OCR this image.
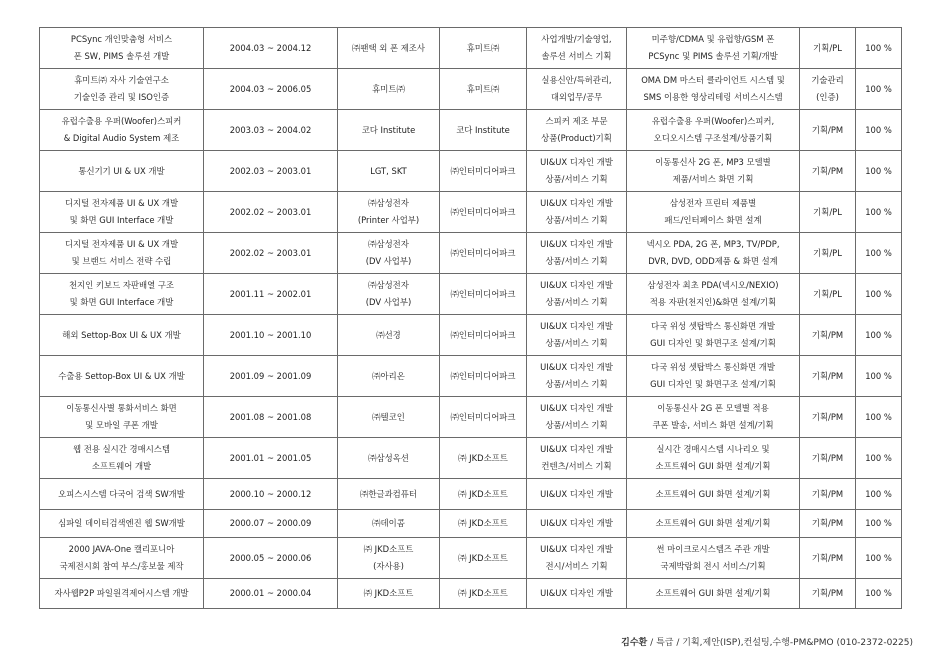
PCSync 개인맞춤형 서비스
폰 SW, PIMS 솔루션 개발	2004.03 ~ 2004.12	㈜팬택 외 폰 제조사	휴미트㈜	사업개발/기술영업,
솔루션 서비스 기획	미주향/CDMA 및 유럽향/GSM 폰
PCSync 및 PIMS 솔루션 기획/개발	기획/PL	100 %

휴미트㈜ 자사 기술연구소
기술인증 관리 및 ISO인증	2004.03 ~ 2006.05	휴미트㈜	휴미트㈜	실용신안/특허관리,
대외업무/공무	OMA DM 마스터 클라이언트 시스템 및
SMS 이용한 영상리테링 서비스시스템	기술관리
(인증)	100 %

유럽수출용 우퍼(Woofer)스피커
& Digital Audio System 제조	2003.03 ~ 2004.02	코다 Institute	코다 Institute	스피커 제조 부문
상품(Product)기획	유럽수출용 우퍼(Woofer)스피커,
오디오시스템 구조설계/상품기획	기획/PM	100 %

통신기기 UI & UX 개발	2002.03 ~ 2003.01	LGT, SKT	㈜인터미디어파크	UI&UX 디자인 개발
상품/서비스 기획	이동통신사 2G 폰, MP3 모델별
제품/서비스 화면 기획	기획/PM	100 %

디지털 전자제품 UI & UX 개발
및 화면 GUI Interface 개발	2002.02 ~ 2003.01	㈜삼성전자
(Printer 사업부)	㈜인터미디어파크	UI&UX 디자인 개발
상품/서비스 기획	삼성전자 프린터 제품별
패드/인터페이스 화면 설계	기획/PL	100 %

디지털 전자제품 UI & UX 개발
및 브랜드 서비스 전략 수립	2002.02 ~ 2003.01	㈜삼성전자
(DV 사업부)	㈜인터미디어파크	UI&UX 디자인 개발
상품/서비스 기획	넥시오 PDA, 2G 폰, MP3, TV/PDP,
DVR, DVD, ODD제품 & 화면 설계	기획/PL	100 %

천지인 키보드 자판배열 구조
및 화면 GUI Interface 개발	2001.11 ~ 2002.01	㈜삼성전자
(DV 사업부)	㈜인터미디어파크	UI&UX 디자인 개발
상품/서비스 기획	삼성전자 최초 PDA(넥시오/NEXIO)
적용 자판(천지인)&화면 설계/기획	기획/PL	100 %

해외 Settop-Box UI & UX 개발	2001.10 ~ 2001.10	㈜선경	㈜인터미디어파크	UI&UX 디자인 개발
상품/서비스 기획	다국 위성 셋탑박스 통신화면 개발
GUI 디자인 및 화면구조 설계/기획	기획/PM	100 %

수출용 Settop-Box UI & UX 개발	2001.09 ~ 2001.09	㈜아리온	㈜인터미디어파크	UI&UX 디자인 개발
상품/서비스 기획	다국 위성 셋탑박스 통신화면 개발
GUI 디자인 및 화면구조 설계/기획	기획/PM	100 %

이동통신사별 통화서비스 화면
및 모바일 쿠폰 개발	2001.08 ~ 2001.08	㈜텔코인	㈜인터미디어파크	UI&UX 디자인 개발
상품/서비스 기획	이동통신사 2G 폰 모델별 적용
쿠폰 발송, 서비스 화면 설계/기획	기획/PM	100 %

웹 전용 실시간 경매시스템
소프트웨어 개발	2001.01 ~ 2001.05	㈜삼성옥션	㈜ JKD소프트	UI&UX 디자인 개발
컨텐츠/서비스 기획	실시간 경매시스템 시나리오 및
소프트웨어 GUI 화면 설계/기획	기획/PM	100 %

오피스시스템 다국어 검색 SW개발	2000.10 ~ 2000.12	㈜한글과컴퓨터	㈜ JKD소프트	UI&UX 디자인 개발	소프트웨어 GUI 화면 설계/기획	기획/PM	100 %

심파일 데이터검색엔진 웹 SW개발	2000.07 ~ 2000.09	㈜데이콤	㈜ JKD소프트	UI&UX 디자인 개발	소프트웨어 GUI 화면 설계/기획	기획/PM	100 %

2000 JAVA-One 캘리포니아
국제전시회 참여 부스/홍보물 제작	2000.05 ~ 2000.06	㈜ JKD소프트
(자사용)	㈜ JKD소프트	UI&UX 디자인 개발
전시/서비스 기획	썬 마이크로시스템즈 주관 개발
국제박람회 전시 서비스/기획	기획/PM	100 %

자사웹P2P 파일원격제어시스템 개발	2000.01 ~ 2000.04	㈜ JKD소프트	㈜ JKD소프트	UI&UX 디자인 개발	소프트웨어 GUI 화면 설계/기획	기획/PM	100 %
김수환 / 특급 / 기획,제안(ISP),컨설팅,수행-PM&PMO (010-2372-0225)
